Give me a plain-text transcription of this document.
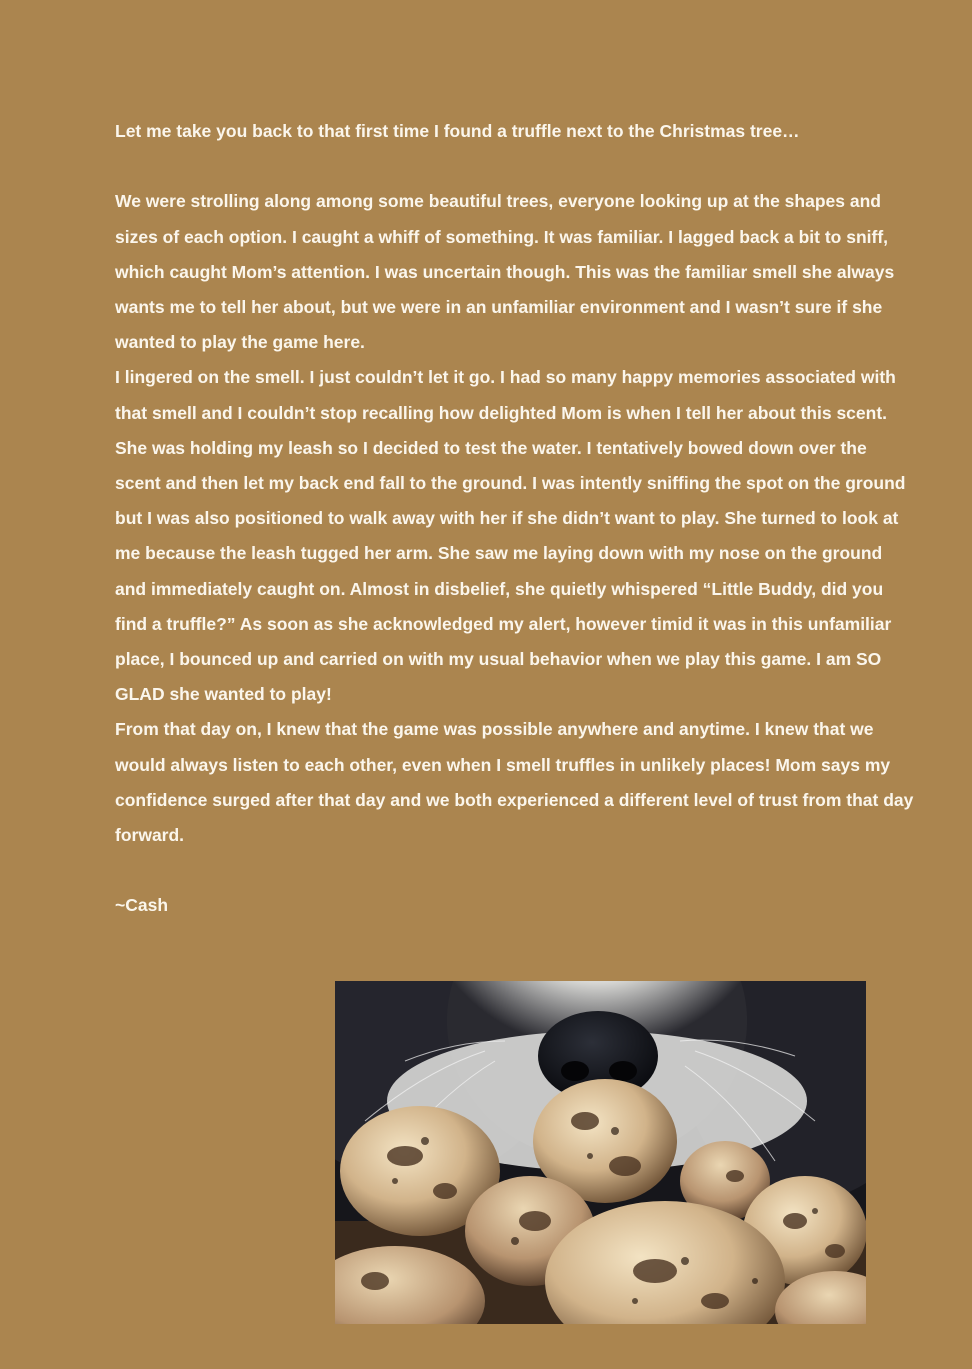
Let me take you back to that first time I found a truffle next to the Christmas tree…

We were strolling along among some beautiful trees, everyone looking up at the shapes and sizes of each option. I caught a whiff of something. It was familiar. I lagged back a bit to sniff, which caught Mom’s attention. I was uncertain though. This was the familiar smell she always wants me to tell her about, but we were in an unfamiliar environment and I wasn’t sure if she wanted to play the game here.

I lingered on the smell. I just couldn’t let it go. I had so many happy memories associated with that smell and I couldn’t stop recalling how delighted Mom is when I tell her about this scent.

She was holding my leash so I decided to test the water. I tentatively bowed down over the scent and then let my back end fall to the ground. I was intently sniffing the spot on the ground but I was also positioned to walk away with her if she didn’t want to play. She turned to look at me because the leash tugged her arm. She saw me laying down with my nose on the ground and immediately caught on. Almost in disbelief, she quietly whispered “Little Buddy, did you find a truffle?” As soon as she acknowledged my alert, however timid it was in this unfamiliar place, I bounced up and carried on with my usual behavior when we play this game. I am SO GLAD she wanted to play!

From that day on, I knew that the game was possible anywhere and anytime. I knew that we would always listen to each other, even when I smell truffles in unlikely places! Mom says my confidence surged after that day and we both experienced a different level of trust from that day forward.

~Cash
